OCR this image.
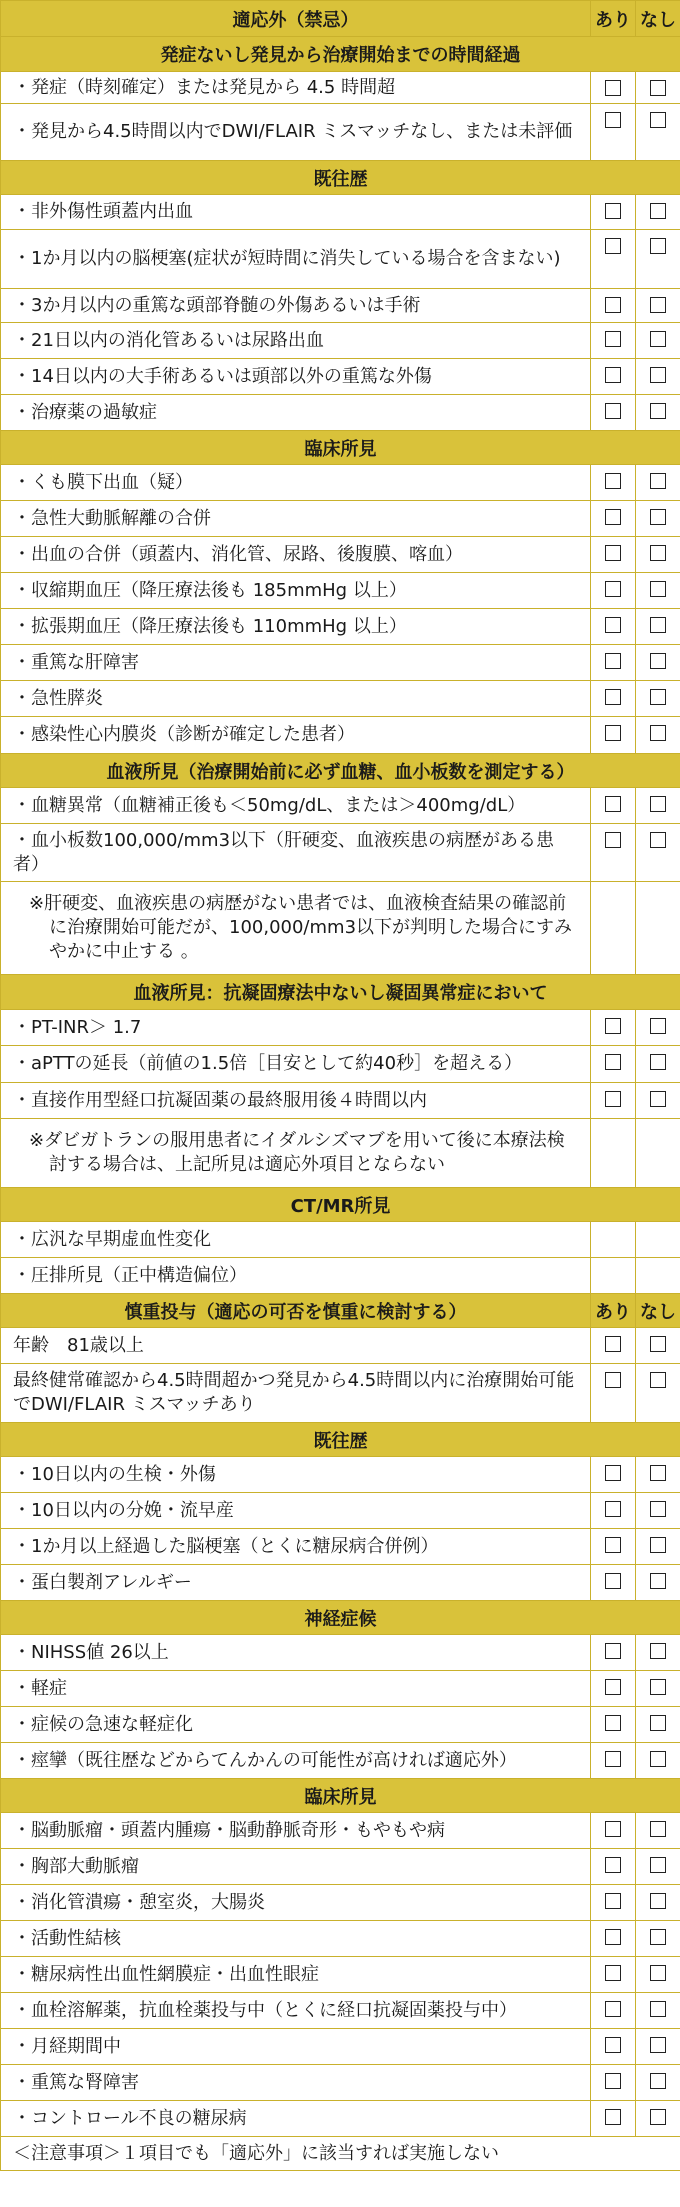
適応外（禁忌）	あり	なし
発症ないし発見から治療開始までの時間経過		
・発症（時刻確定）または発見から 4.5 時間超		
・発見から4.5時間以内でDWI/FLAIR ミスマッチなし、または未評価		
既往歴		
・非外傷性頭蓋内出血		
・1か月以内の脳梗塞(症状が短時間に消失している場合を含まない)		
・3か月以内の重篤な頭部脊髄の外傷あるいは手術		
・21日以内の消化管あるいは尿路出血		
・14日以内の大手術あるいは頭部以外の重篤な外傷		
・治療薬の過敏症		
臨床所見		
・くも膜下出血（疑）		
・急性大動脈解離の合併		
・出血の合併（頭蓋内、消化管、尿路、後腹膜、喀血）		
・収縮期血圧（降圧療法後も 185mmHg 以上）		
・拡張期血圧（降圧療法後も 110mmHg 以上）		
・重篤な肝障害		
・急性膵炎		
・感染性心内膜炎（診断が確定した患者）		
血液所見（治療開始前に必ず血糖、血小板数を測定する）		
・血糖異常（血糖補正後も＜50mg/dL、または＞400mg/dL）		
・血小板数100,000/mm3以下（肝硬変、血液疾患の病歴がある患者）		
※肝硬変、血液疾患の病歴がない患者では、血液検査結果の確認前に治療開始可能だが、100,000/mm3以下が判明した場合にすみやかに中止する 。		
血液所見：抗凝固療法中ないし凝固異常症において		
・PT-INR＞ 1.7		
・aPTTの延長（前値の1.5倍［目安として約40秒］を超える）		
・直接作用型経口抗凝固薬の最終服用後４時間以内		
※ダビガトランの服用患者にイダルシズマブを用いて後に本療法検討する場合は、上記所見は適応外項目とならない		
CT/MR所見		
・広汎な早期虚血性変化		
・圧排所見（正中構造偏位）		
慎重投与（適応の可否を慎重に検討する）	あり	なし
年齢　81歳以上		
最終健常確認から4.5時間超かつ発見から4.5時間以内に治療開始可能でDWI/FLAIR ミスマッチあり		
既往歴		
・10日以内の生検・外傷		
・10日以内の分娩・流早産		
・1か月以上経過した脳梗塞（とくに糖尿病合併例）		
・蛋白製剤アレルギー		
神経症候		
・NIHSS値 26以上		
・軽症		
・症候の急速な軽症化		
・痙攣（既往歴などからてんかんの可能性が高ければ適応外）		
臨床所見		
・脳動脈瘤・頭蓋内腫瘍・脳動静脈奇形・もやもや病		
・胸部大動脈瘤		
・消化管潰瘍・憩室炎，大腸炎		
・活動性結核		
・糖尿病性出血性網膜症・出血性眼症		
・血栓溶解薬，抗血栓薬投与中（とくに経口抗凝固薬投与中）		
・月経期間中		
・重篤な腎障害		
・コントロール不良の糖尿病		
＜注意事項＞１項目でも「適応外」に該当すれば実施しない		
